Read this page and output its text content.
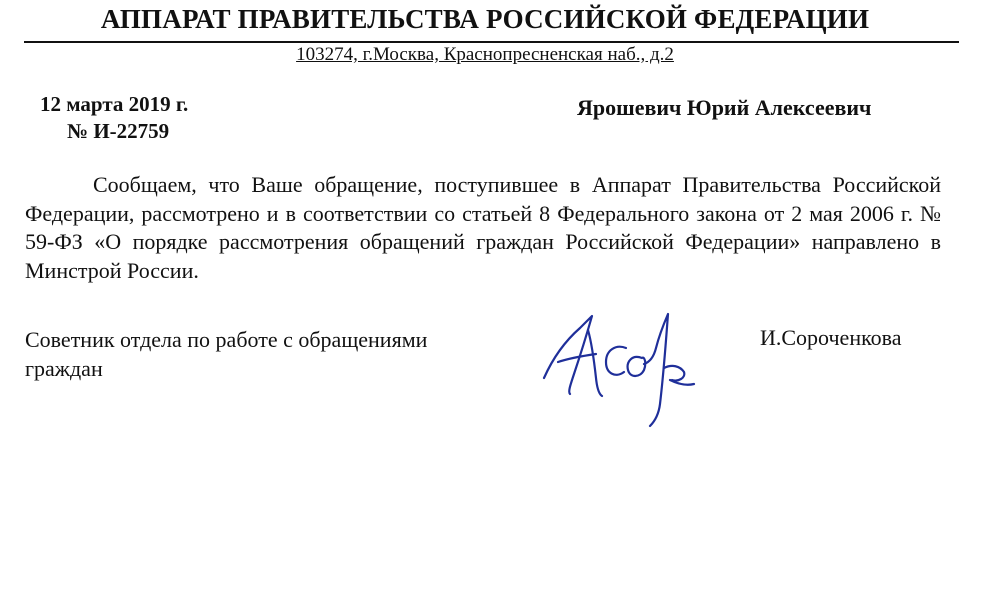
АППАРАТ ПРАВИТЕЛЬСТВА РОССИЙСКОЙ ФЕДЕРАЦИИ
103274, г.Москва, Краснопресненская наб., д.2
12 марта 2019 г.
№ И-22759
Ярошевич Юрий Алексеевич

Сообщаем, что Ваше обращение, поступившее в Аппарат Правительства Российской Федерации, рассмотрено и в соответствии со статьей 8 Федерального закона от 2 мая 2006 г. № 59-ФЗ «О порядке рассмотрения обращений граждан Российской Федерации» направлено в Минстрой России.

Советник отдела по работе с обращениями граждан

И.Сороченкова
